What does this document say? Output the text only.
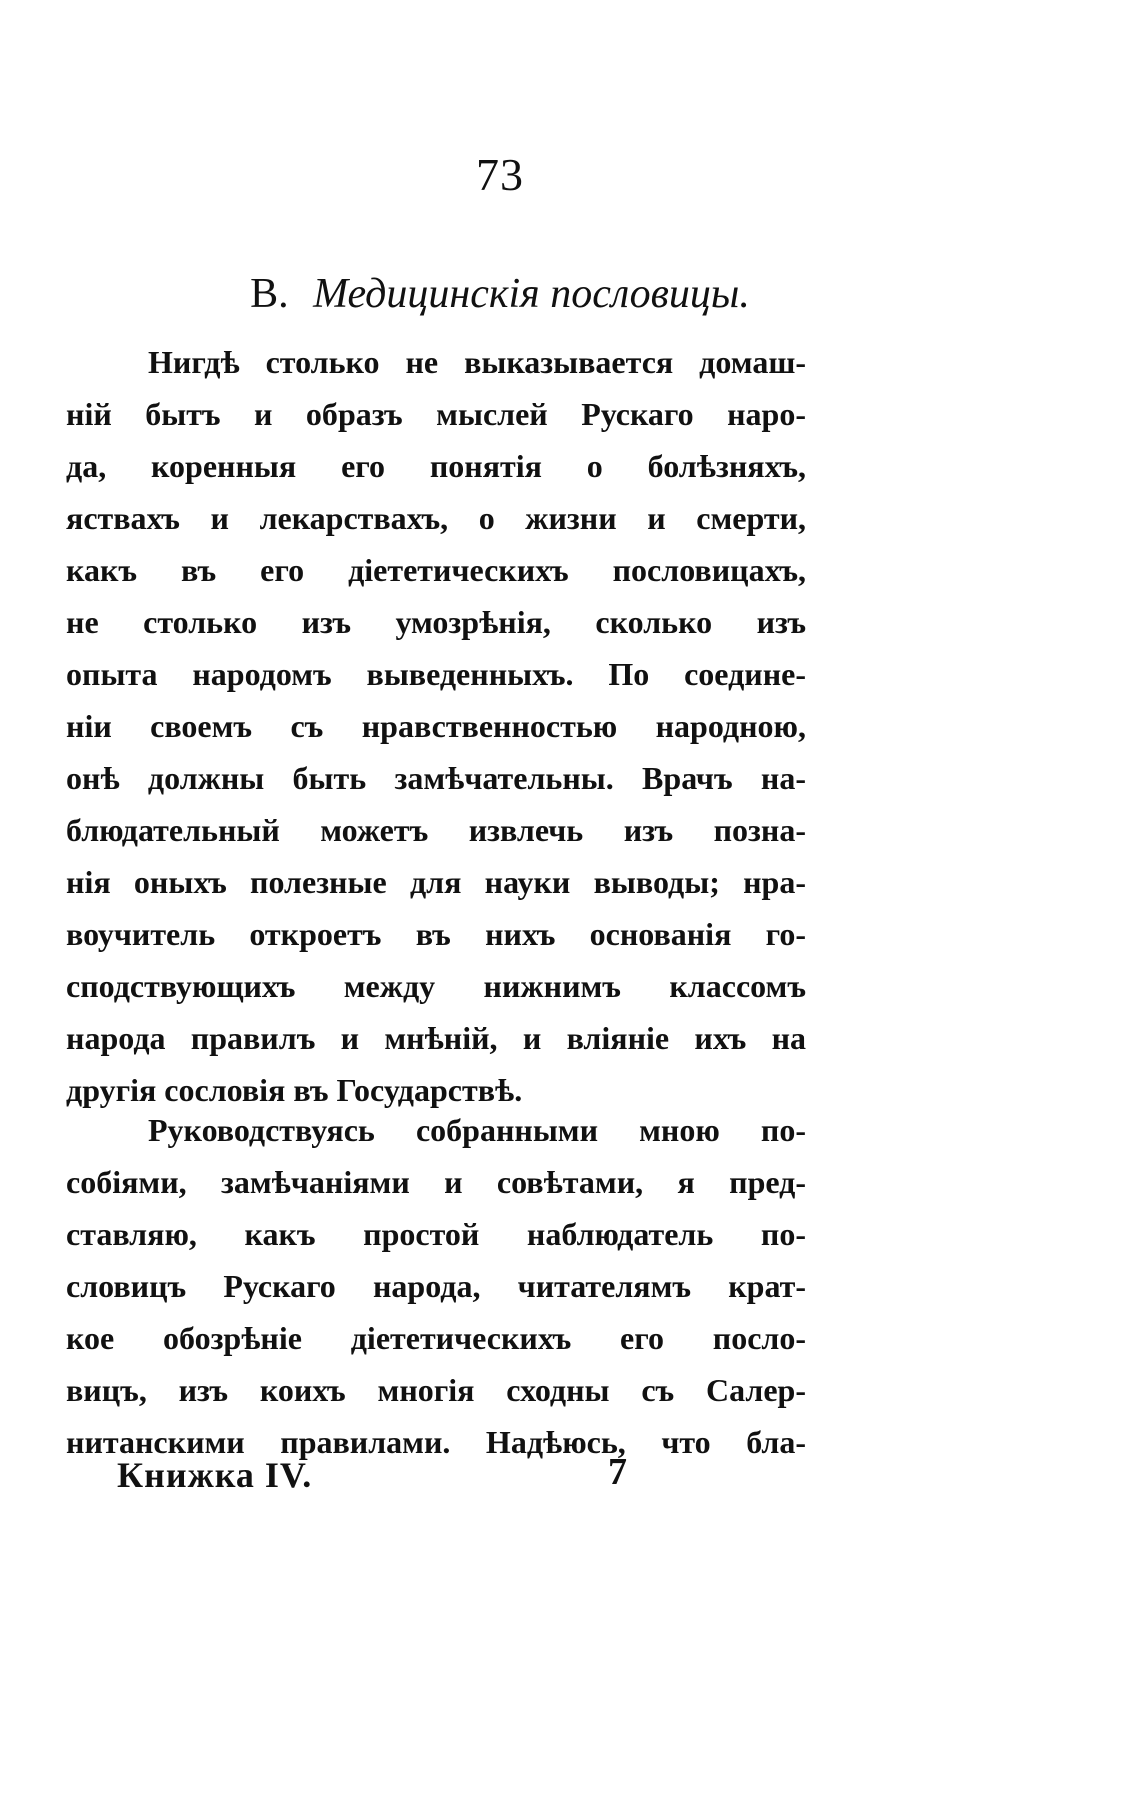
73
В. Медицинскія пословицы.
Нигдѣ столько не выказывается домаш-
ній бытъ и образъ мыслей Рускаго наро-
да, коренныя его понятія о болѣзняхъ,
яствахъ и лекарствахъ, о жизни и смерти,
какъ въ его діететическихъ пословицахъ,
не столько изъ умозрѣнія, сколько изъ
опыта народомъ выведенныхъ. По соедине-
ніи своемъ съ нравственностью народною,
онѣ должны быть замѣчательны. Врачъ на-
блюдательный можетъ извлечь изъ позна-
нія оныхъ полезные для науки выводы; нра-
воучитель откроетъ въ нихъ основанія го-
сподствующихъ между нижнимъ классомъ
народа правилъ и мнѣній, и вліяніе ихъ на
другія сословія въ Государствѣ.
Руководствуясь собранными мною по-
собіями, замѣчаніями и совѣтами, я пред-
ставляю, какъ простой наблюдатель по-
словицъ Рускаго народа, читателямъ крат-
кое обозрѣніе діететическихъ его посло-
вицъ, изъ коихъ многія сходны съ Салер-
нитанскими правилами. Надѣюсь, что бла-
Книжка IV.	7
